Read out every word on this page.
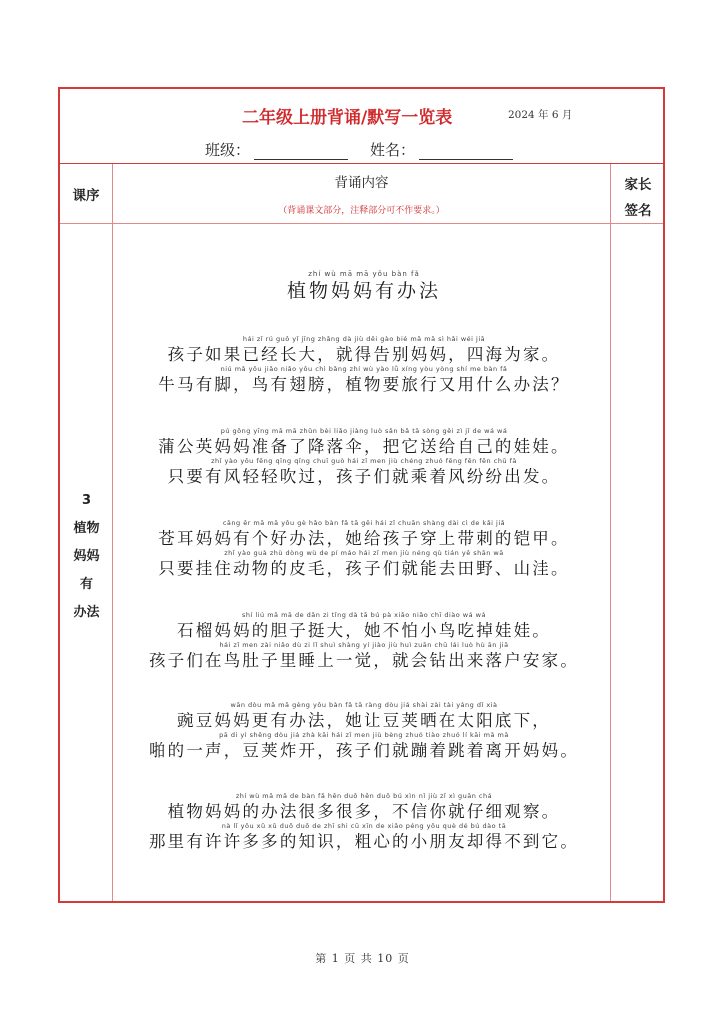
二年级上册背诵/默写一览表	2024 年 6 月
班级：	姓名：
课序
背诵内容
（背诵课文部分，注释部分可不作要求。）
家长
签名
3
植物
妈妈
有
办法
zhí wù mā mā yǒu bàn fǎ
植物妈妈有办法
hái zǐ rú guǒ yǐ jīng zhǎng dà jiù děi gào bié mā mā sì hǎi wéi jiā
孩子如果已经长大，就得告别妈妈，四海为家。
niú mǎ yǒu jiǎo niǎo yǒu chì bǎng zhí wù yào lǚ xíng yòu yòng shí me bàn fǎ
牛马有脚，鸟有翅膀，植物要旅行又用什么办法？
pú gōng yīng mā mā zhǔn bèi liǎo jiàng luò sǎn bǎ tā sòng gěi zì jǐ de wá wá
蒲公英妈妈准备了降落伞，把它送给自己的娃娃。
zhǐ yào yǒu fēng qīng qīng chuī guò hái zǐ men jiù chéng zhuó fēng fēn fēn chū fā
只要有风轻轻吹过，孩子们就乘着风纷纷出发。
cāng ěr mā mā yǒu gè hǎo bàn fǎ tā gěi hái zǐ chuān shàng dài cì de kǎi jiǎ
苍耳妈妈有个好办法，她给孩子穿上带刺的铠甲。
zhǐ yào guà zhù dòng wù de pí máo hái zǐ men jiù néng qù tián yě shān wā
只要挂住动物的皮毛，孩子们就能去田野、山洼。
shí liú mā mā de dǎn zi tǐng dà tā bú pà xiǎo niǎo chī diào wá wá
石榴妈妈的胆子挺大，她不怕小鸟吃掉娃娃。
hái zǐ men zài niǎo dù zi lǐ shuì shàng yí jiào jiù huì zuān chū lái luò hù ān jiā
孩子们在鸟肚子里睡上一觉，就会钻出来落户安家。
wān dòu mā mā gèng yǒu bàn fǎ tā ràng dòu jiá shài zài tài yáng dǐ xià
豌豆妈妈更有办法，她让豆荚晒在太阳底下，
pā di yì shēng dòu jiá zhà kāi hái zǐ men jiù bèng zhuó tiào zhuó lí kāi mā mā
啪的一声，豆荚炸开，孩子们就蹦着跳着离开妈妈。
zhí wù mā mā de bàn fǎ hěn duō hěn duō bú xìn nǐ jiù zǐ xì guān chá
植物妈妈的办法很多很多，不信你就仔细观察。
nà lǐ yǒu xǔ xǔ duō duō de zhī shi cū xīn de xiǎo péng yǒu què dé bú dào tā
那里有许许多多的知识，粗心的小朋友却得不到它。
第 1 页 共 10 页
